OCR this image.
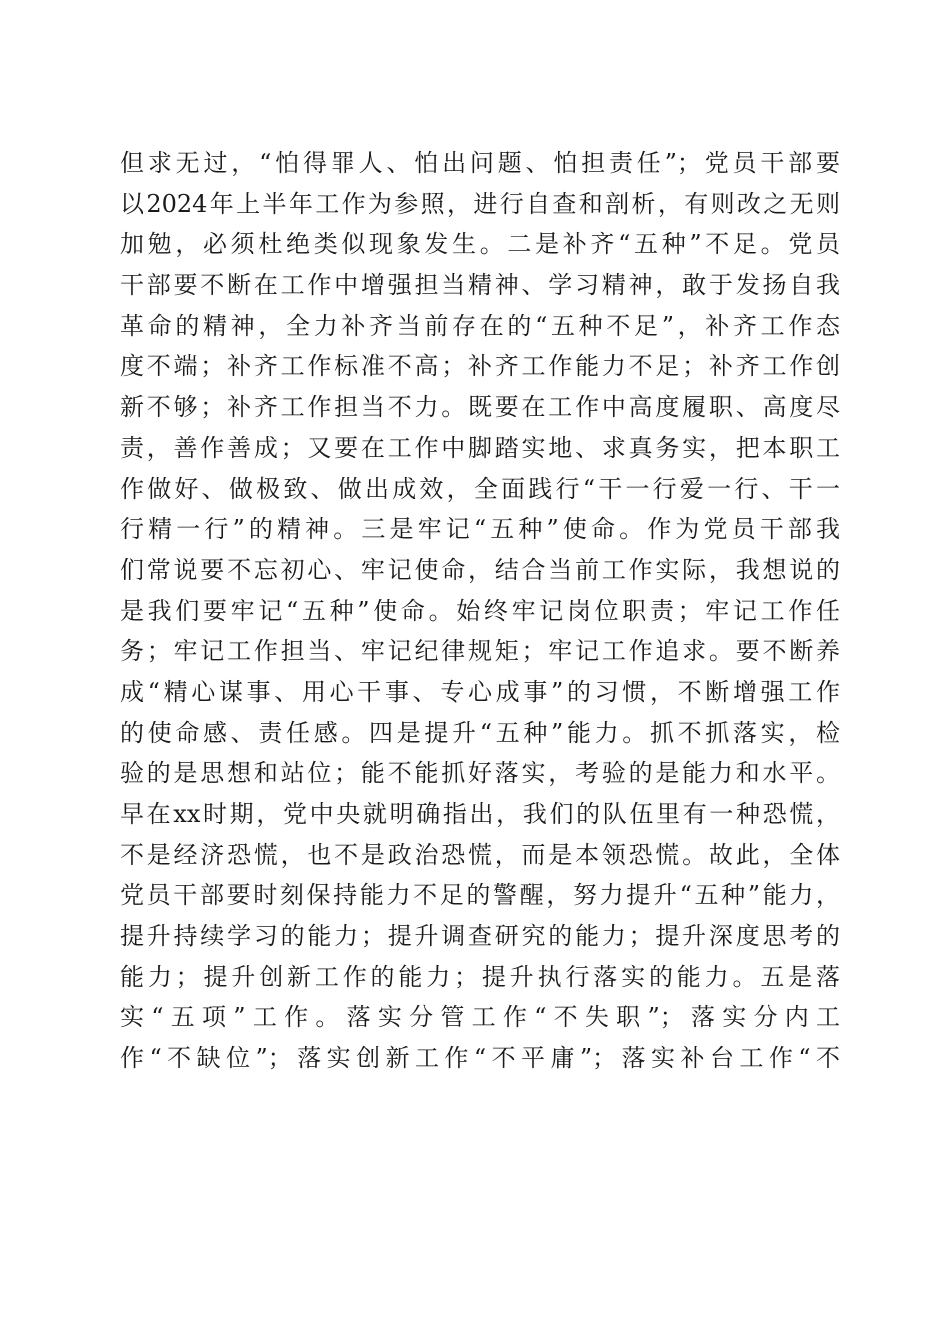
但求无过，“怕得罪人、怕出问题、怕担责任”；党员干部要
以2024年上半年工作为参照，进行自查和剖析，有则改之无则
加勉，必须杜绝类似现象发生。二是补齐“五种”不足。党员
干部要不断在工作中增强担当精神、学习精神，敢于发扬自我
革命的精神，全力补齐当前存在的“五种不足”，补齐工作态
度不端；补齐工作标准不高；补齐工作能力不足；补齐工作创
新不够；补齐工作担当不力。既要在工作中高度履职、高度尽
责，善作善成；又要在工作中脚踏实地、求真务实，把本职工
作做好、做极致、做出成效，全面践行“干一行爱一行、干一
行精一行”的精神。三是牢记“五种”使命。作为党员干部我
们常说要不忘初心、牢记使命，结合当前工作实际，我想说的
是我们要牢记“五种”使命。始终牢记岗位职责；牢记工作任
务；牢记工作担当、牢记纪律规矩；牢记工作追求。要不断养
成“精心谋事、用心干事、专心成事”的习惯，不断增强工作
的使命感、责任感。四是提升“五种”能力。抓不抓落实，检
验的是思想和站位；能不能抓好落实，考验的是能力和水平。
早在xx时期，党中央就明确指出，我们的队伍里有一种恐慌，
不是经济恐慌，也不是政治恐慌，而是本领恐慌。故此，全体
党员干部要时刻保持能力不足的警醒，努力提升“五种”能力，
提升持续学习的能力；提升调查研究的能力；提升深度思考的
能力；提升创新工作的能力；提升执行落实的能力。五是落
实“五项”工作。落实分管工作“不失职”；落实分内工
作“不缺位”；落实创新工作“不平庸”；落实补台工作“不
